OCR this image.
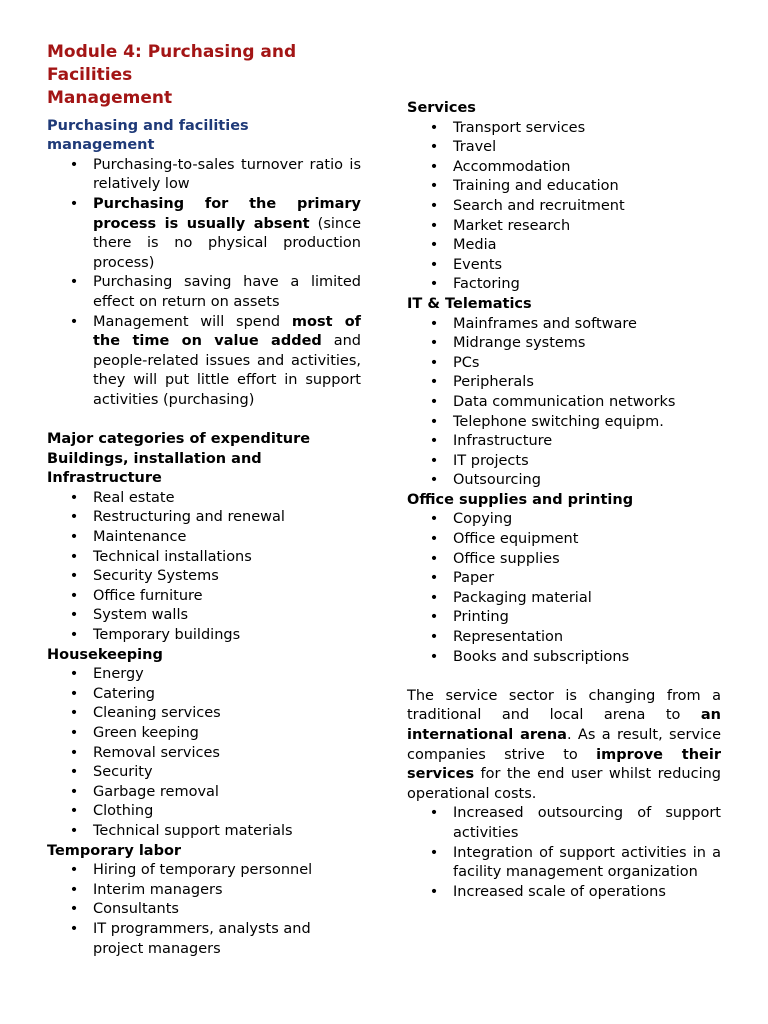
Module 4: Purchasing and
Facilities
Management
Purchasing and facilities
management
• Purchasing-to-sales turnover ratio is relatively low
• Purchasing for the primary process is usually absent (since there is no physical production process)
• Purchasing saving have a limited effect on return on assets
• Management will spend most of the time on value added and people-related issues and activities, they will put little effort in support activities (purchasing)
Major categories of expenditure
Buildings, installation and
Infrastructure
• Real estate
• Restructuring and renewal
• Maintenance
• Technical installations
• Security Systems
• Office furniture
• System walls
• Temporary buildings
Housekeeping
• Energy
• Catering
• Cleaning services
• Green keeping
• Removal services
• Security
• Garbage removal
• Clothing
• Technical support materials
Temporary labor
• Hiring of temporary personnel
• Interim managers
• Consultants
• IT programmers, analysts and project managers
Services
• Transport services
• Travel
• Accommodation
• Training and education
• Search and recruitment
• Market research
• Media
• Events
• Factoring
IT & Telematics
• Mainframes and software
• Midrange systems
• PCs
• Peripherals
• Data communication networks
• Telephone switching equipm.
• Infrastructure
• IT projects
• Outsourcing
Office supplies and printing
• Copying
• Office equipment
• Office supplies
• Paper
• Packaging material
• Printing
• Representation
• Books and subscriptions

The service sector is changing from a traditional and local arena to an international arena. As a result, service companies strive to improve their services for the end user whilst reducing operational costs.

• Increased outsourcing of support activities
• Integration of support activities in a facility management organization
• Increased scale of operations
